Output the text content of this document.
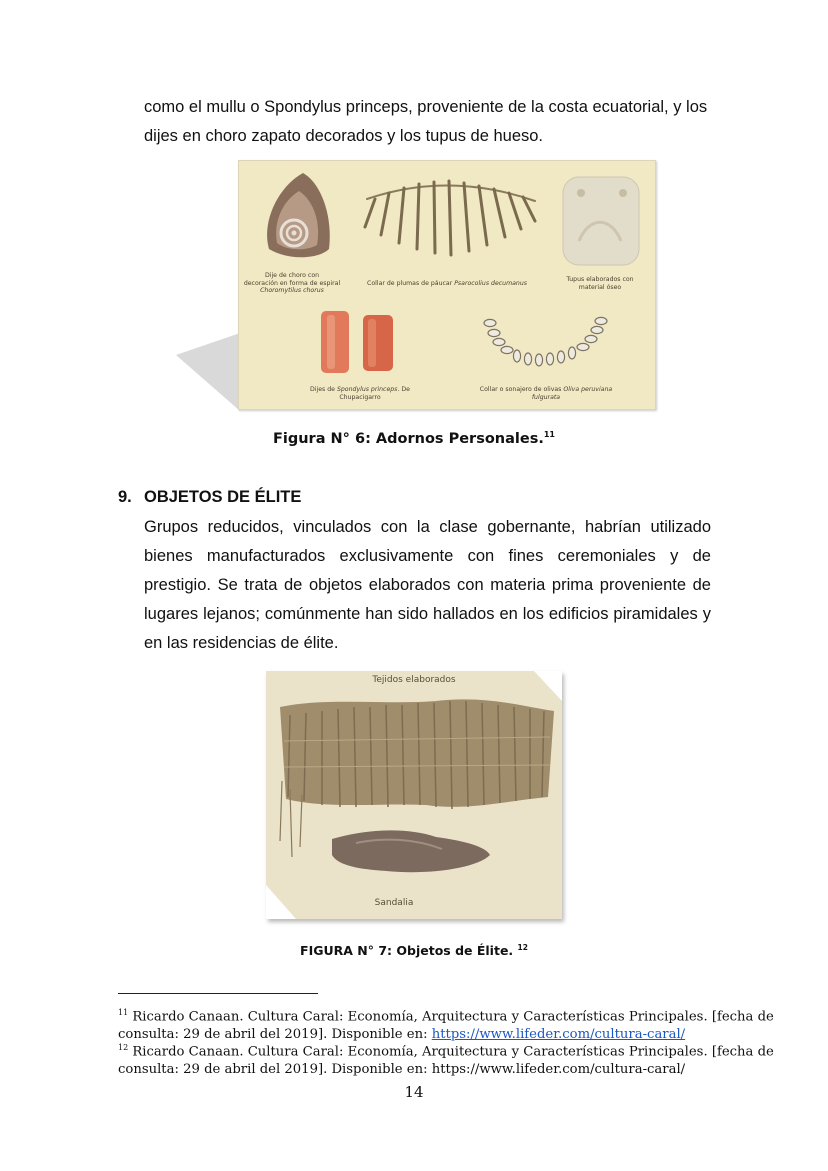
como el mullu o Spondylus princeps, proveniente de la costa ecuatorial, y los
dijes en choro zapato decorados y los tupus de hueso.
Dije de choro con
decoración en forma de espiral
Choromytilus chorus
Collar de plumas de páucar Psarocolius decumanus
Tupus elaborados con
material óseo
Dijes de Spondylus princeps. De
Chupacigarro
Collar o sonajero de olivas Oliva peruviana
fulgurata
Figura N° 6: Adornos Personales.$^{11}$
9. OBJETOS DE ÉLITE
Grupos reducidos, vinculados con la clase gobernante, habrían utilizado
bienes manufacturados exclusivamente con fines ceremoniales y de
prestigio. Se trata de objetos elaborados con materia prima proveniente de
lugares lejanos; comúnmente han sido hallados en los edificios piramidales y
en las residencias de élite.
Tejidos elaborados
Sandalia
FIGURA N° 7: Objetos de Élite. $^{12}$
$^{11}$ Ricardo Canaan. Cultura Caral: Economía, Arquitectura y Características Principales. [fecha de
consulta: 29 de abril del 2019]. Disponible en: https://www.lifeder.com/cultura-caral/
$^{12}$ Ricardo Canaan. Cultura Caral: Economía, Arquitectura y Características Principales. [fecha de
consulta: 29 de abril del 2019]. Disponible en: https://www.lifeder.com/cultura-caral/
14
